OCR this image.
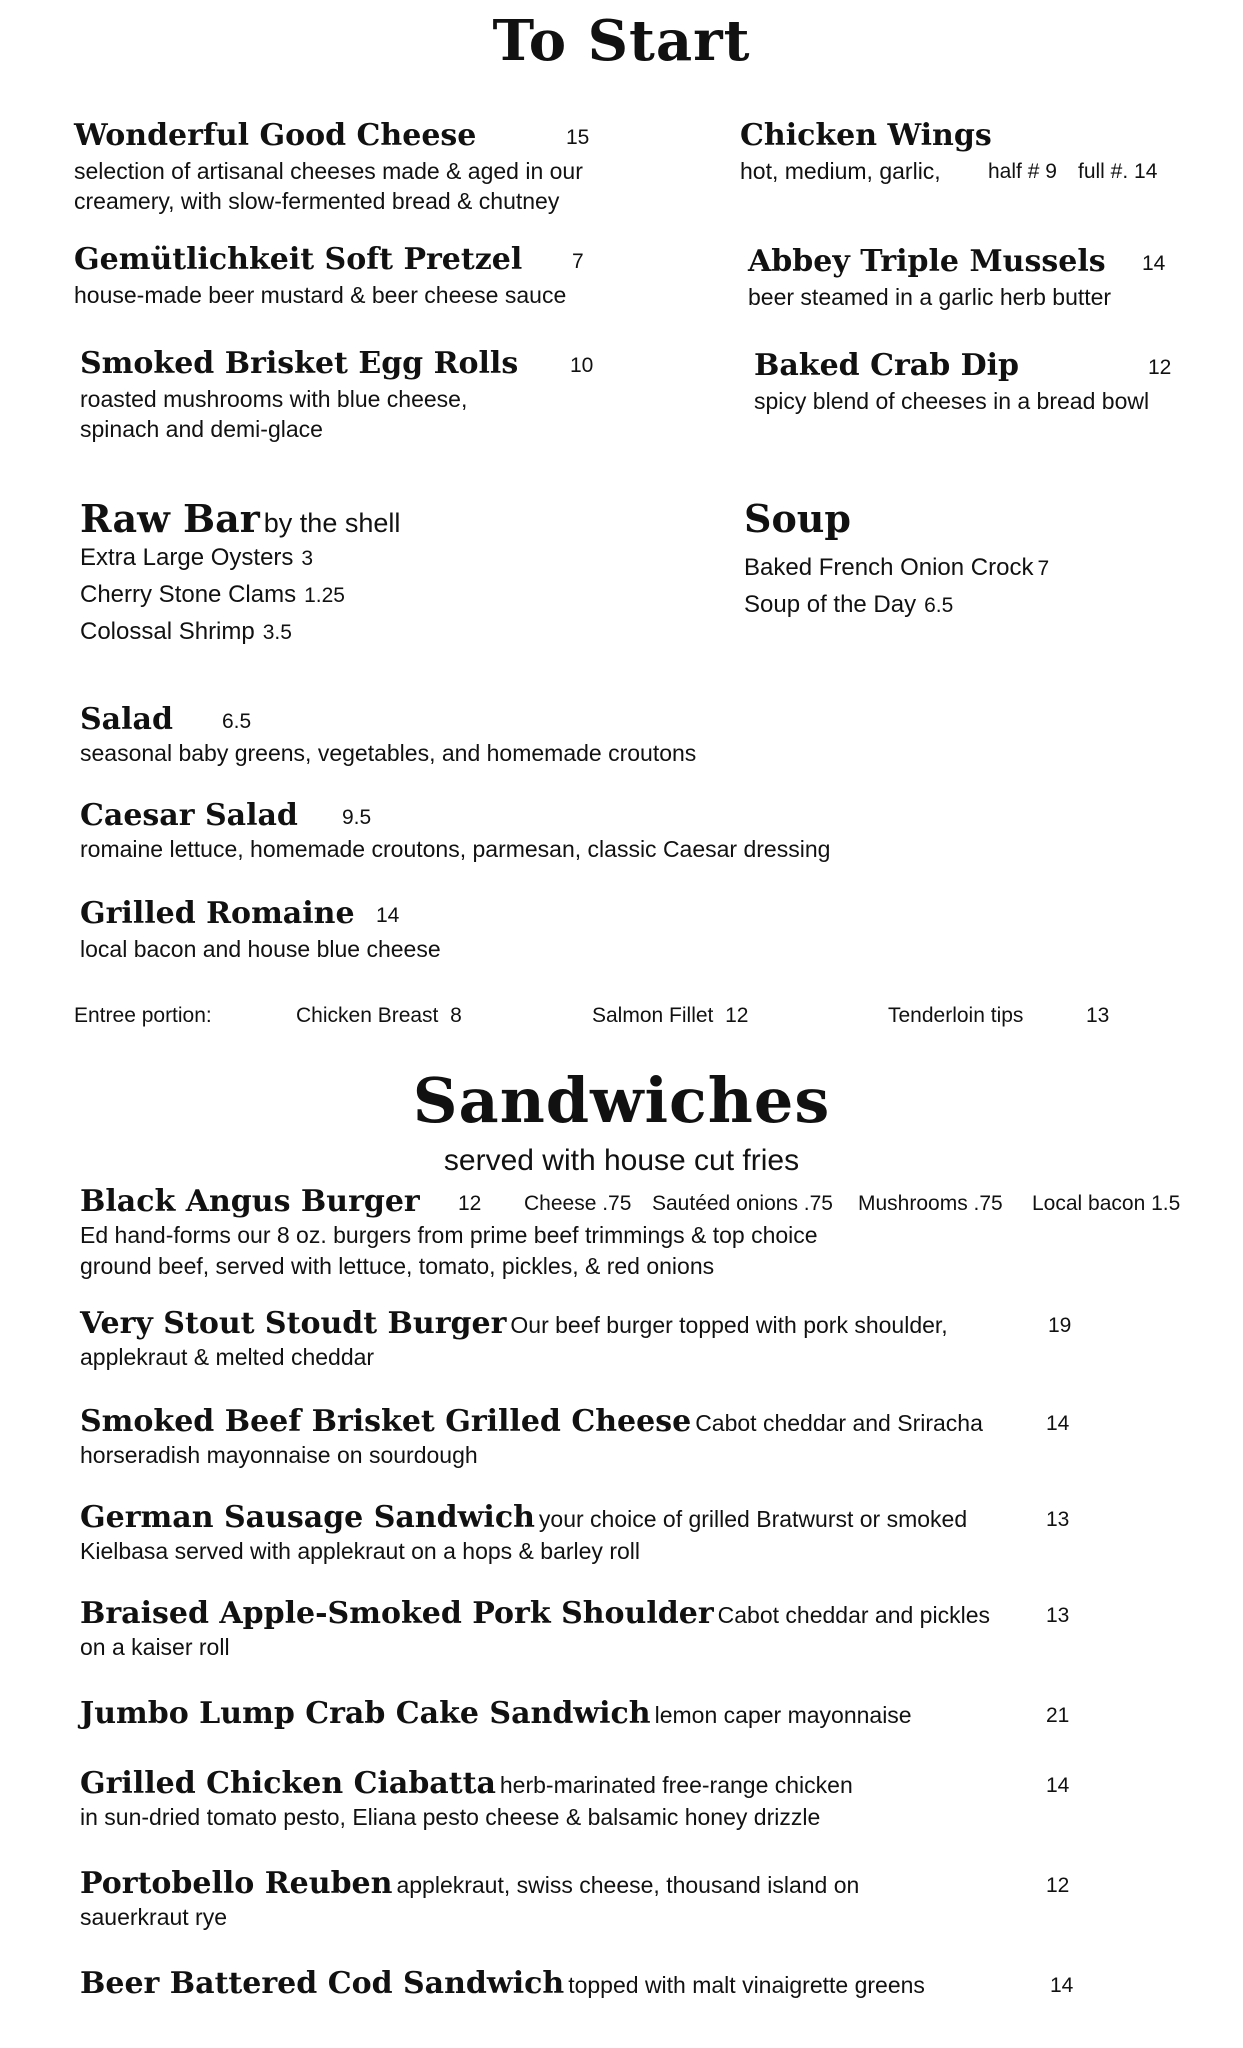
To Start
Wonderful Good Cheese	15
selection of artisanal cheeses made & aged in our
creamery, with slow-fermented bread & chutney
Chicken Wings
hot, medium, garlic, half # 9 full #. 14
Gemütlichkeit Soft Pretzel 7
house-made beer mustard & beer cheese sauce
Abbey Triple Mussels 14
beer steamed in a garlic herb butter
Smoked Brisket Egg Rolls 10
roasted mushrooms with blue cheese,
spinach and demi-glace
Baked Crab Dip	12
spicy blend of cheeses in a bread bowl
Raw Bar by the shell
Extra Large Oysters 3
Cherry Stone Clams 1.25
Colossal Shrimp 3.5
Soup
Baked French Onion Crock 7
Soup of the Day 6.5
Salad 6.5
seasonal baby greens, vegetables, and homemade croutons
Caesar Salad 9.5
romaine lettuce, homemade croutons, parmesan, classic Caesar dressing
Grilled Romaine 14
local bacon and house blue cheese
Entree portion:	Chicken Breast 8	Salmon Fillet 12	Tenderloin tips	13
Sandwiches
served with house cut fries
Black Angus Burger 12 Cheese .75 Sautéed onions .75 Mushrooms .75 Local bacon 1.5
Ed hand-forms our 8 oz. burgers from prime beef trimmings & top choice
ground beef, served with lettuce, tomato, pickles, & red onions
Very Stout Stoudt Burger Our beef burger topped with pork shoulder,	19
applekraut & melted cheddar
Smoked Beef Brisket Grilled Cheese Cabot cheddar and Sriracha	14
horseradish mayonnaise on sourdough
German Sausage Sandwich your choice of grilled Bratwurst or smoked	13
Kielbasa served with applekraut on a hops & barley roll
Braised Apple-Smoked Pork Shoulder Cabot cheddar and pickles	13
on a kaiser roll
Jumbo Lump Crab Cake Sandwich lemon caper mayonnaise	21
Grilled Chicken Ciabatta herb-marinated free-range chicken	14
in sun-dried tomato pesto, Eliana pesto cheese & balsamic honey drizzle
Portobello Reuben applekraut, swiss cheese, thousand island on	12
sauerkraut rye
Beer Battered Cod Sandwich topped with malt vinaigrette greens	14
